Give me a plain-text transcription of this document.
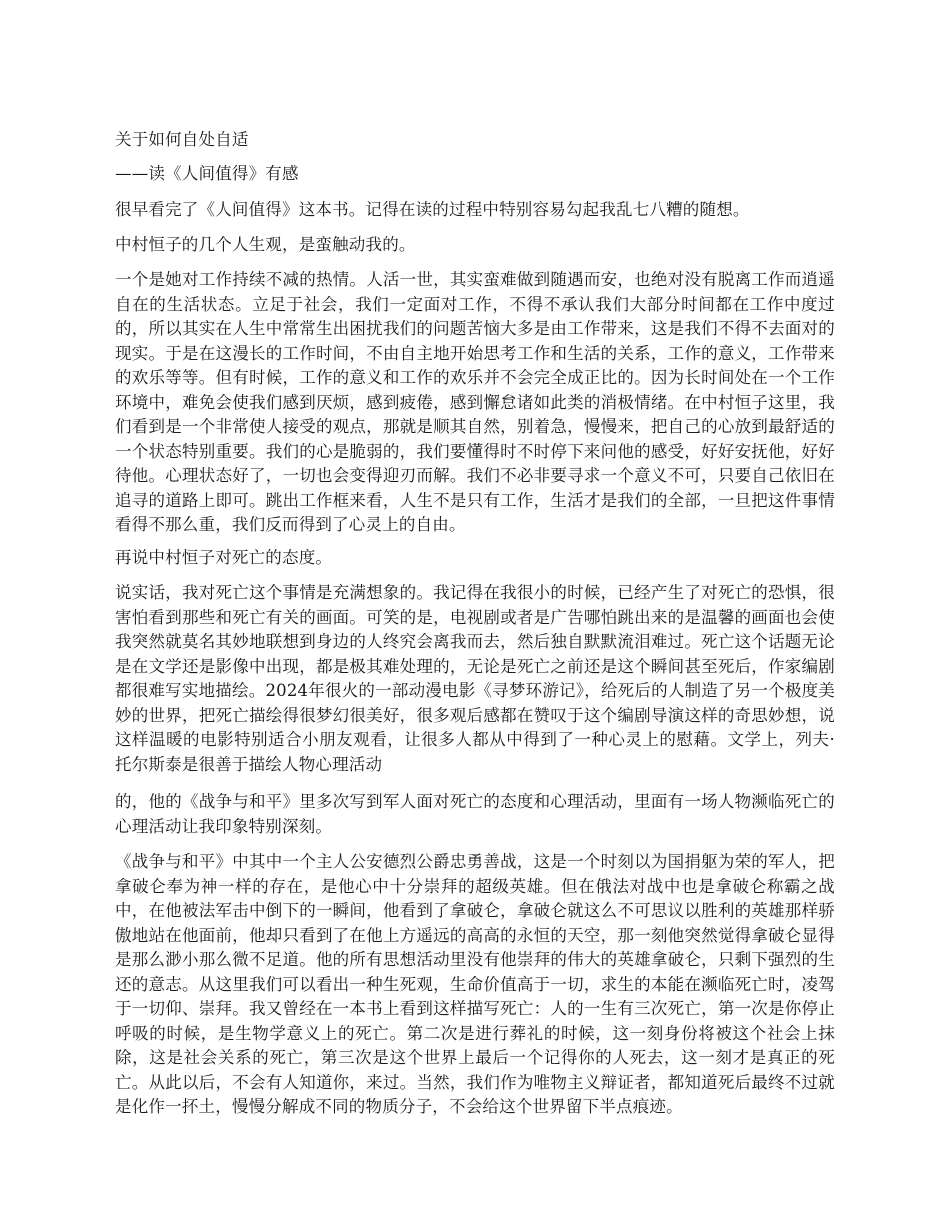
关于如何自处自适

——读《人间值得》有感

很早看完了《人间值得》这本书。记得在读的过程中特别容易勾起我乱七八糟的随想。

中村恒子的几个人生观，是蛮触动我的。

一个是她对工作持续不减的热情。人活一世，其实蛮难做到随遇而安，也绝对没有脱离工作而逍遥自在的生活状态。立足于社会，我们一定面对工作，不得不承认我们大部分时间都在工作中度过的，所以其实在人生中常常生出困扰我们的问题苦恼大多是由工作带来，这是我们不得不去面对的现实。于是在这漫长的工作时间，不由自主地开始思考工作和生活的关系，工作的意义，工作带来的欢乐等等。但有时候，工作的意义和工作的欢乐并不会完全成正比的。因为长时间处在一个工作环境中，难免会使我们感到厌烦，感到疲倦，感到懈怠诸如此类的消极情绪。在中村恒子这里，我们看到是一个非常使人接受的观点，那就是顺其自然，别着急，慢慢来，把自己的心放到最舒适的一个状态特别重要。我们的心是脆弱的，我们要懂得时不时停下来问他的感受，好好安抚他，好好待他。心理状态好了，一切也会变得迎刃而解。我们不必非要寻求一个意义不可，只要自己依旧在追寻的道路上即可。跳出工作框来看，人生不是只有工作，生活才是我们的全部，一旦把这件事情看得不那么重，我们反而得到了心灵上的自由。

再说中村恒子对死亡的态度。

说实话，我对死亡这个事情是充满想象的。我记得在我很小的时候，已经产生了对死亡的恐惧，很害怕看到那些和死亡有关的画面。可笑的是，电视剧或者是广告哪怕跳出来的是温馨的画面也会使我突然就莫名其妙地联想到身边的人终究会离我而去，然后独自默默流泪难过。死亡这个话题无论是在文学还是影像中出现，都是极其难处理的，无论是死亡之前还是这个瞬间甚至死后，作家编剧都很难写实地描绘。2024年很火的一部动漫电影《寻梦环游记》，给死后的人制造了另一个极度美妙的世界，把死亡描绘得很梦幻很美好，很多观后感都在赞叹于这个编剧导演这样的奇思妙想，说这样温暖的电影特别适合小朋友观看，让很多人都从中得到了一种心灵上的慰藉。文学上，列夫·托尔斯泰是很善于描绘人物心理活动

的，他的《战争与和平》里多次写到军人面对死亡的态度和心理活动，里面有一场人物濒临死亡的心理活动让我印象特别深刻。

《战争与和平》中其中一个主人公安德烈公爵忠勇善战，这是一个时刻以为国捐躯为荣的军人，把拿破仑奉为神一样的存在，是他心中十分崇拜的超级英雄。但在俄法对战中也是拿破仑称霸之战中，在他被法军击中倒下的一瞬间，他看到了拿破仑，拿破仑就这么不可思议以胜利的英雄那样骄傲地站在他面前，他却只看到了在他上方遥远的高高的永恒的天空，那一刻他突然觉得拿破仑显得是那么渺小那么微不足道。他的所有思想活动里没有他崇拜的伟大的英雄拿破仑，只剩下强烈的生还的意志。从这里我们可以看出一种生死观，生命价值高于一切，求生的本能在濒临死亡时，凌驾于一切仰、崇拜。我又曾经在一本书上看到这样描写死亡：人的一生有三次死亡，第一次是你停止呼吸的时候，是生物学意义上的死亡。第二次是进行葬礼的时候，这一刻身份将被这个社会上抹除，这是社会关系的死亡，第三次是这个世界上最后一个记得你的人死去，这一刻才是真正的死亡。从此以后，不会有人知道你，来过。当然，我们作为唯物主义辩证者，都知道死后最终不过就是化作一抔土，慢慢分解成不同的物质分子，不会给这个世界留下半点痕迹。
